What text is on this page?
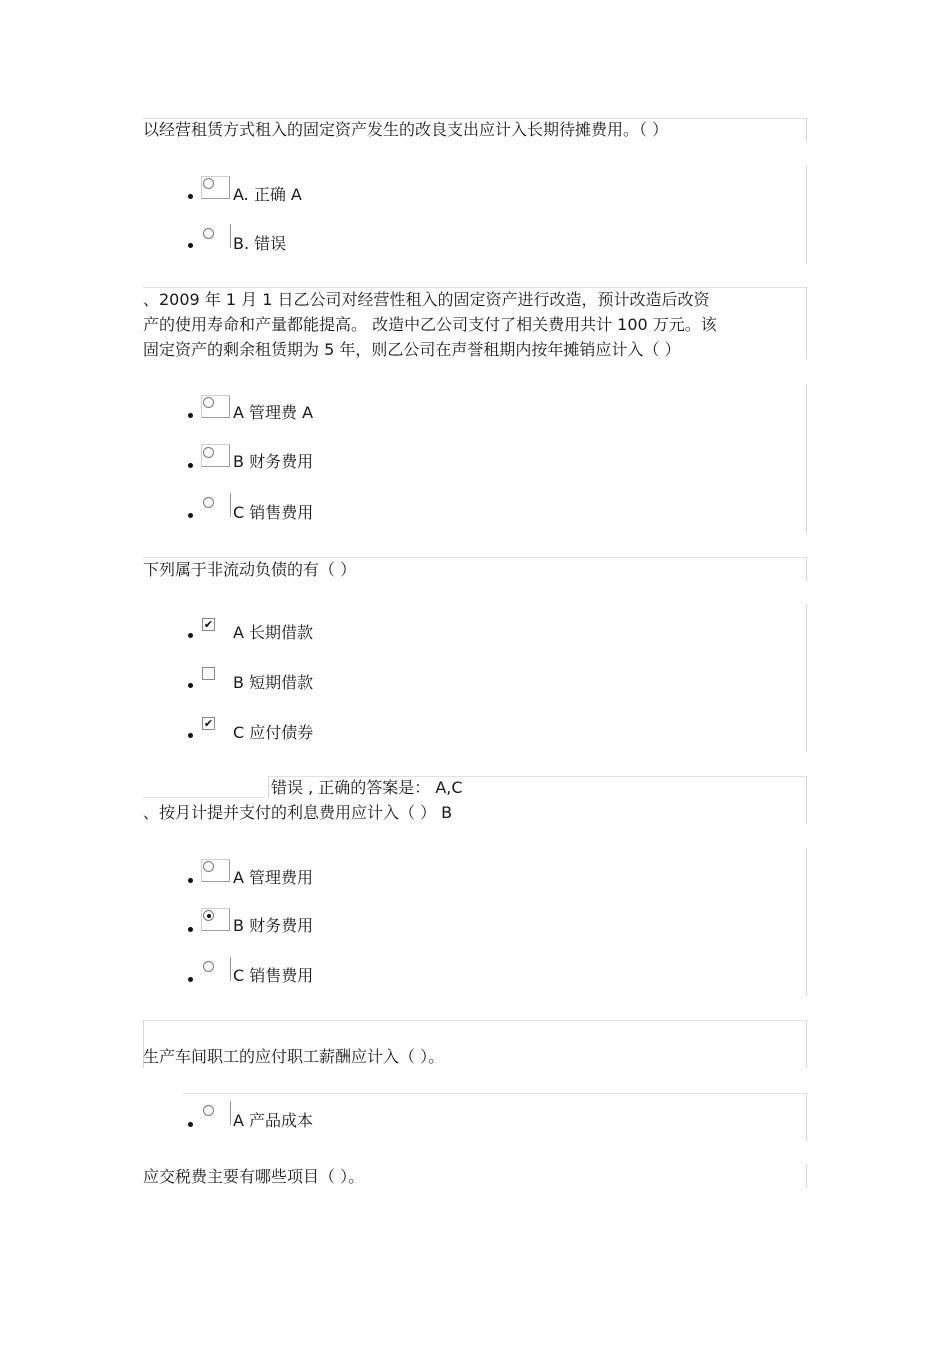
以经营租赁方式租入的固定资产发生的改良支出应计入长期待摊费用。（ ）
A. 正确 A
B. 错误
、2009 年 1 月 1 日乙公司对经营性租入的固定资产进行改造，预计改造后改资
产的使用寿命和产量都能提高。 改造中乙公司支付了相关费用共计 100 万元。该
固定资产的剩余租赁期为 5 年，则乙公司在声誉租期内按年摊销应计入（ ）
A 管理费 A
B 财务费用
C 销售费用
下列属于非流动负债的有（ ）
✔ A 长期借款
B 短期借款
✔ C 应付债券
错误 , 正确的答案是： A,C
、按月计提并支付的利息费用应计入（ ） B
A 管理费用
B 财务费用
C 销售费用
生产车间职工的应付职工薪酬应计入（ ）。
A 产品成本
应交税费主要有哪些项目（ ）。
